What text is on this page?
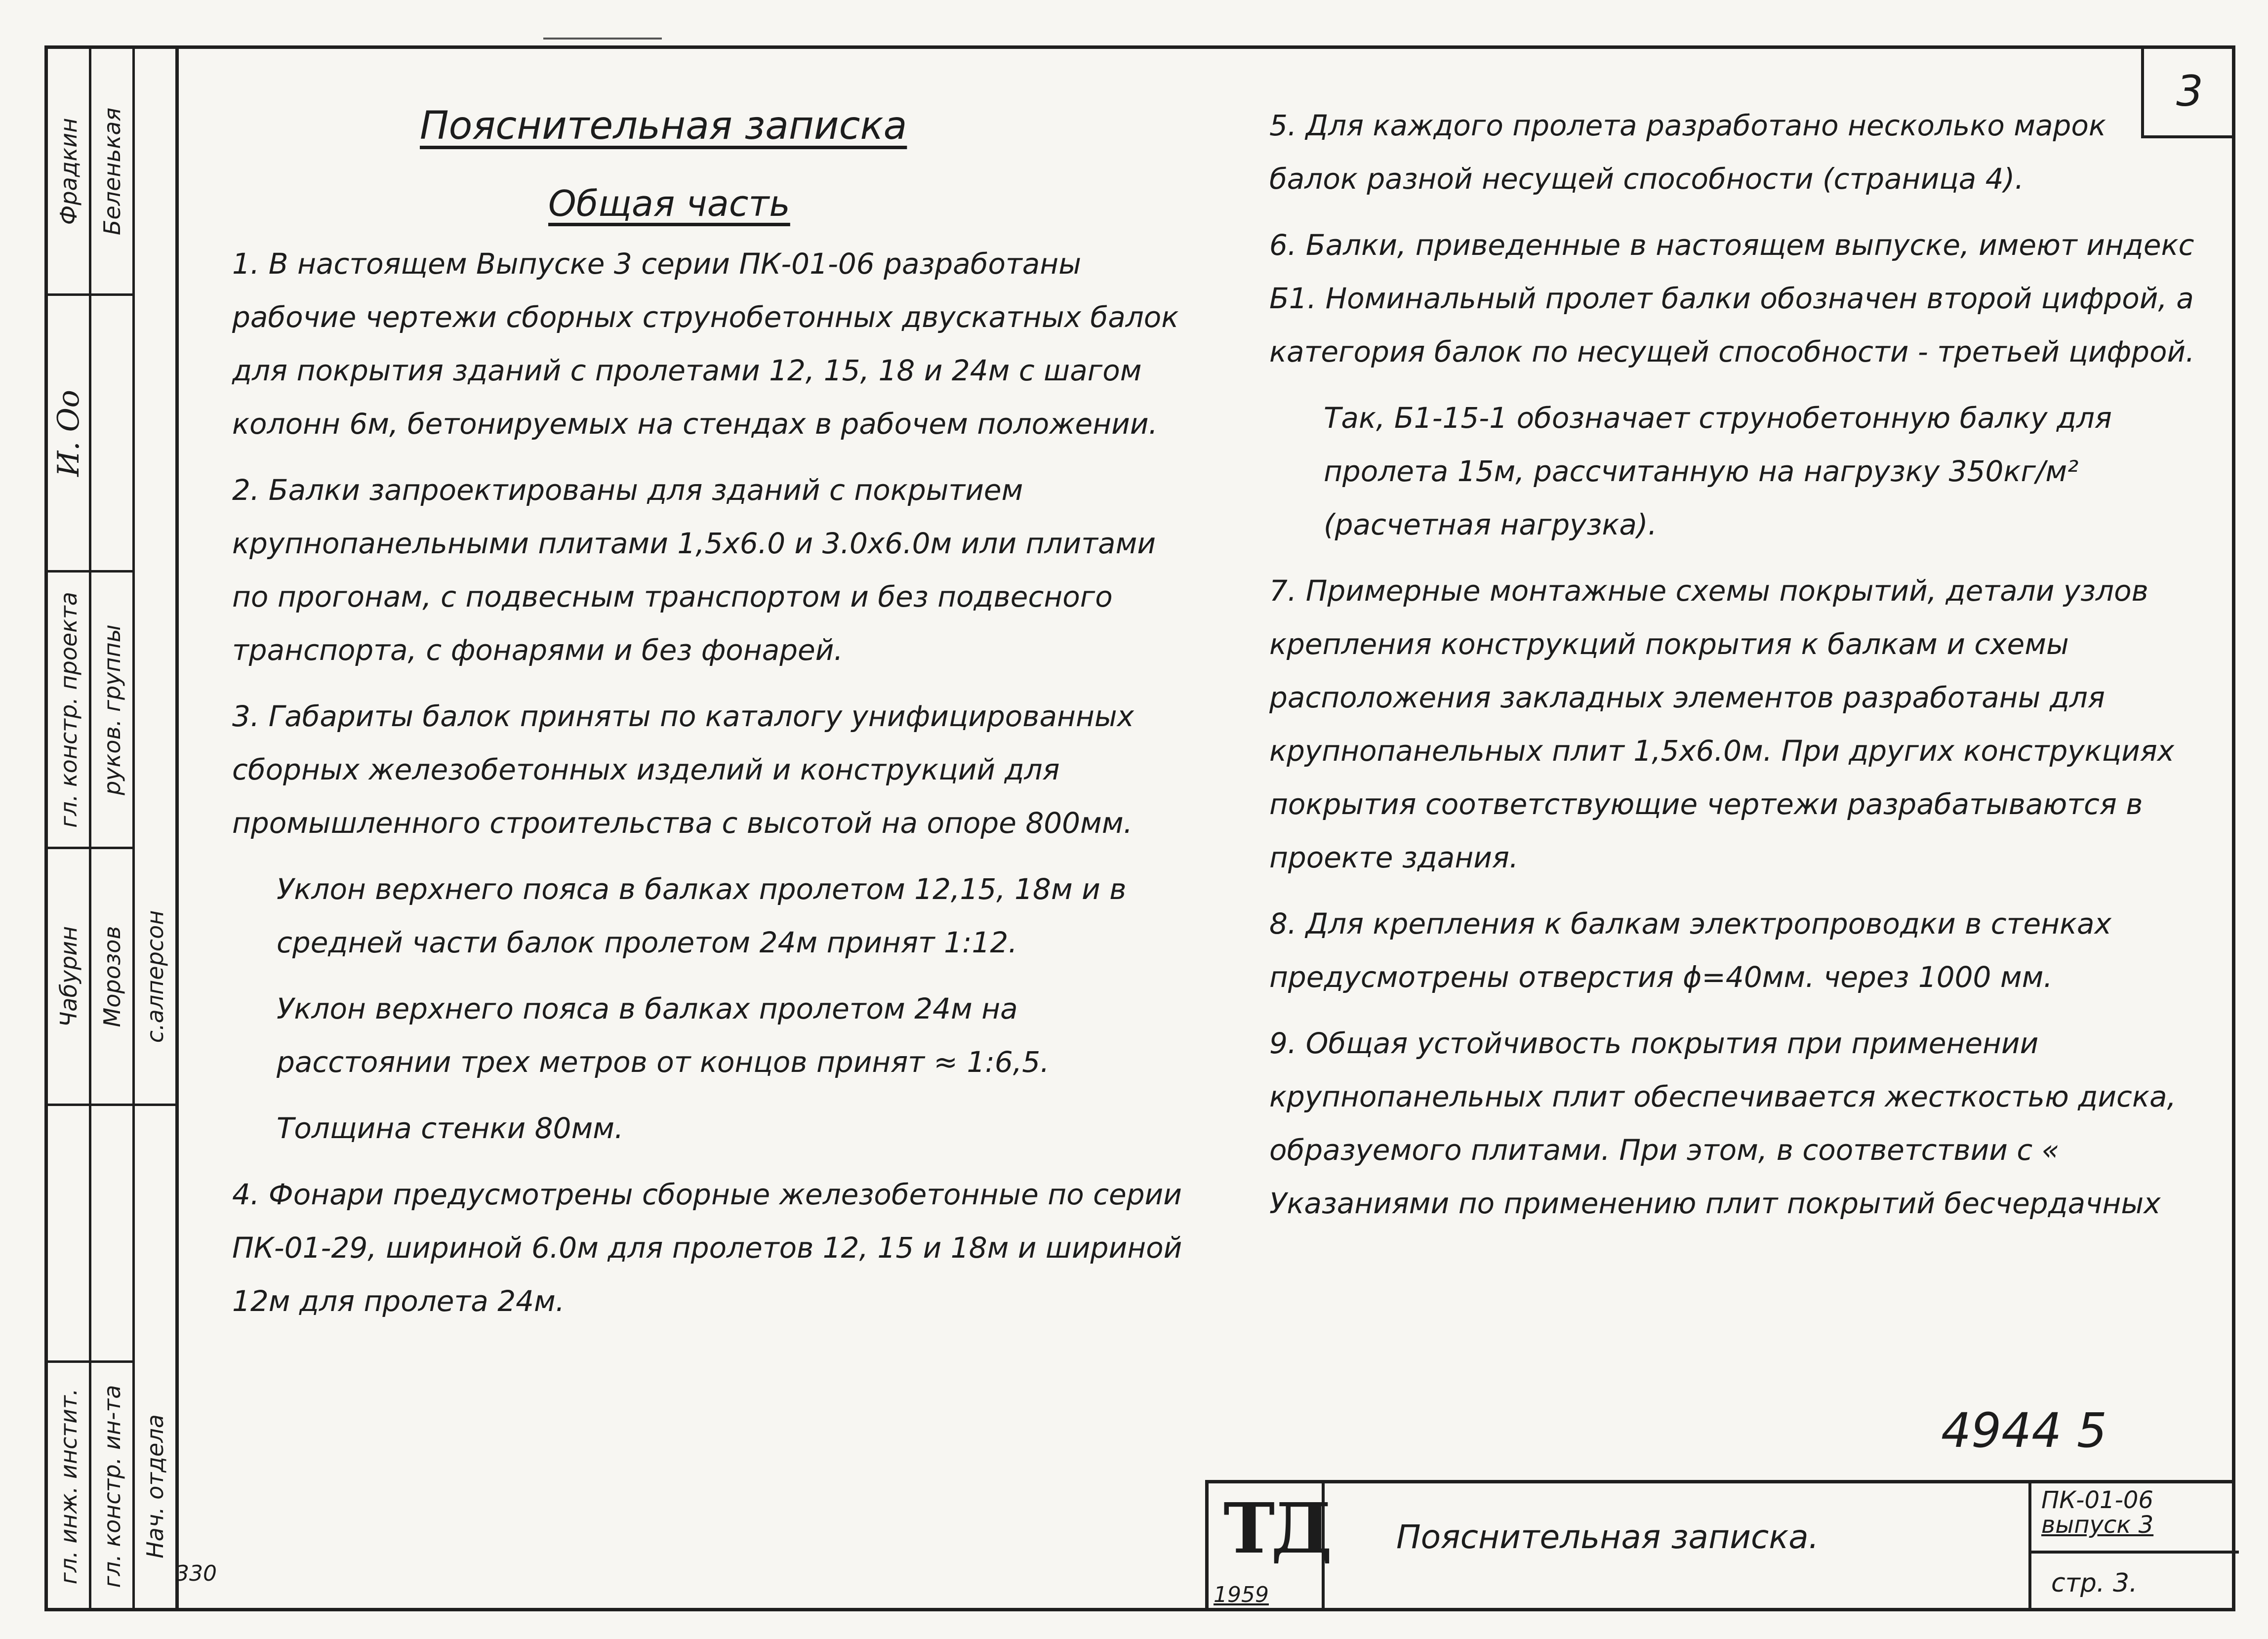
Фрадкин
И. Оо
гл. констр. проекта
Чабурин
гл. инж. инстит.
Беленькая
руков. группы
Морозов
гл. констр. ин-та
с.алперсон
Нач. отдела
3
Пояснительная записка
Общая часть

1. В настоящем Выпуске 3 серии ПК-01-06 разработаны рабочие чертежи сборных струнобетонных двускатных балок для покрытия зданий с пролетами 12, 15, 18 и 24м с шагом колонн 6м, бетонируемых на стендах в рабочем положении.

2. Балки запроектированы для зданий с покрытием крупнопанельными плитами 1,5х6.0 и 3.0х6.0м или плитами по прогонам, с подвесным транспортом и без подвесного транспорта, с фонарями и без фонарей.

3. Габариты балок приняты по каталогу унифицированных сборных железобетонных изделий и конструкций для промышленного строительства с высотой на опоре 800мм.

Уклон верхнего пояса в балках пролетом 12,15, 18м и в средней части балок пролетом 24м принят 1:12.

Уклон верхнего пояса в балках пролетом 24м на расстоянии трех метров от концов принят ≈ 1:6,5.

Толщина стенки 80мм.

4. Фонари предусмотрены сборные железобетонные по серии ПК-01-29, шириной 6.0м для пролетов 12, 15 и 18м и шириной 12м для пролета 24м.

5. Для каждого пролета разработано несколько марок балок разной несущей способности (страница 4).

6. Балки, приведенные в настоящем выпуске, имеют индекс Б1. Номинальный пролет балки обозначен второй цифрой, а категория балок по несущей способности - третьей цифрой.

Так, Б1-15-1 обозначает струнобетонную балку для пролета 15м, рассчитанную на нагрузку 350кг/м² (расчетная нагрузка).

7. Примерные монтажные схемы покрытий, детали узлов крепления конструкций покрытия к балкам и схемы расположения закладных элементов разработаны для крупнопанельных плит 1,5х6.0м. При других конструкциях покрытия соответствующие чертежи разрабатываются в проекте здания.

8. Для крепления к балкам электропроводки в стенках предусмотрены отверстия ϕ=40мм. через 1000 мм.

9. Общая устойчивость покрытия при применении крупнопанельных плит обеспечивается жесткостью диска, образуемого плитами. При этом, в соответствии с « Указаниями по применению плит покрытий бесчердачных

4944 5
330
ТД
1959
Пояснительная записка.
ПК-01-06
выпуск 3
стр. 3.
